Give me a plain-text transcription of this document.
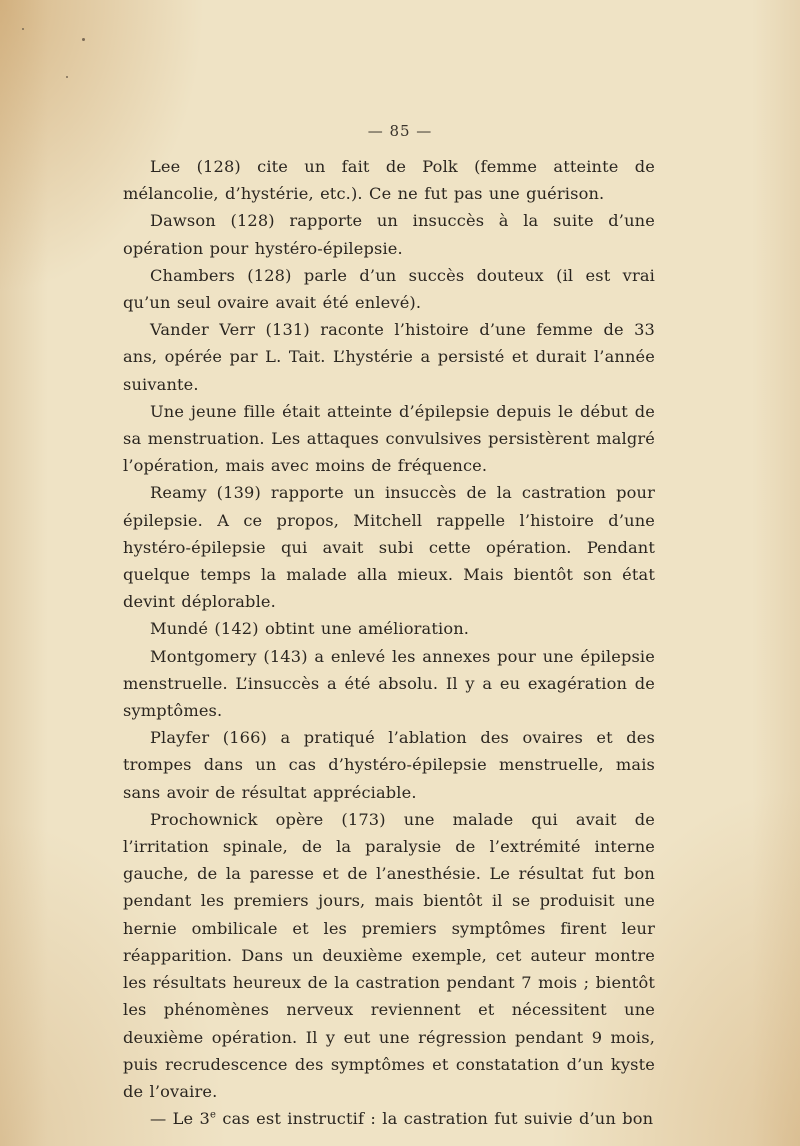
— 85 —

Lee (128) cite un fait de Polk (femme atteinte de mélancolie, d’hystérie, etc.). Ce ne fut pas une guérison.

Dawson (128) rapporte un insuccès à la suite d’une opération pour hystéro-épilepsie.

Chambers (128) parle d’un succès douteux (il est vrai qu’un seul ovaire avait été enlevé).

Vander Verr (131) raconte l’histoire d’une femme de 33 ans, opérée par L. Tait. L’hystérie a persisté et durait l’année suivante.

Une jeune fille était atteinte d’épilepsie depuis le début de sa menstruation. Les attaques convulsives persistèrent malgré l’opération, mais avec moins de fréquence.

Reamy (139) rapporte un insuccès de la castration pour épilepsie. A ce propos, Mitchell rappelle l’histoire d’une hystéro-épilepsie qui avait subi cette opération. Pendant quelque temps la malade alla mieux. Mais bientôt son état devint déplorable.

Mundé (142) obtint une amélioration.

Montgomery (143) a enlevé les annexes pour une épilepsie menstruelle. L’insuccès a été absolu. Il y a eu exagération de symptômes.

Playfer (166) a pratiqué l’ablation des ovaires et des trompes dans un cas d’hystéro-épilepsie menstruelle, mais sans avoir de résultat appréciable.

Prochownick opère (173) une malade qui avait de l’irritation spinale, de la paralysie de l’extrémité interne gauche, de la paresse et de l’anesthésie. Le résultat fut bon pendant les premiers jours, mais bientôt il se produisit une hernie ombilicale et les premiers symptômes firent leur réapparition. Dans un deuxième exemple, cet auteur montre les résultats heureux de la castration pendant 7 mois ; bientôt les phénomènes nerveux reviennent et nécessitent une deuxième opération. Il y eut une régression pendant 9 mois, puis recrudescence des symptômes et constatation d’un kyste de l’ovaire.

— Le 3e cas est instructif : la castration fut suivie d’un bon
